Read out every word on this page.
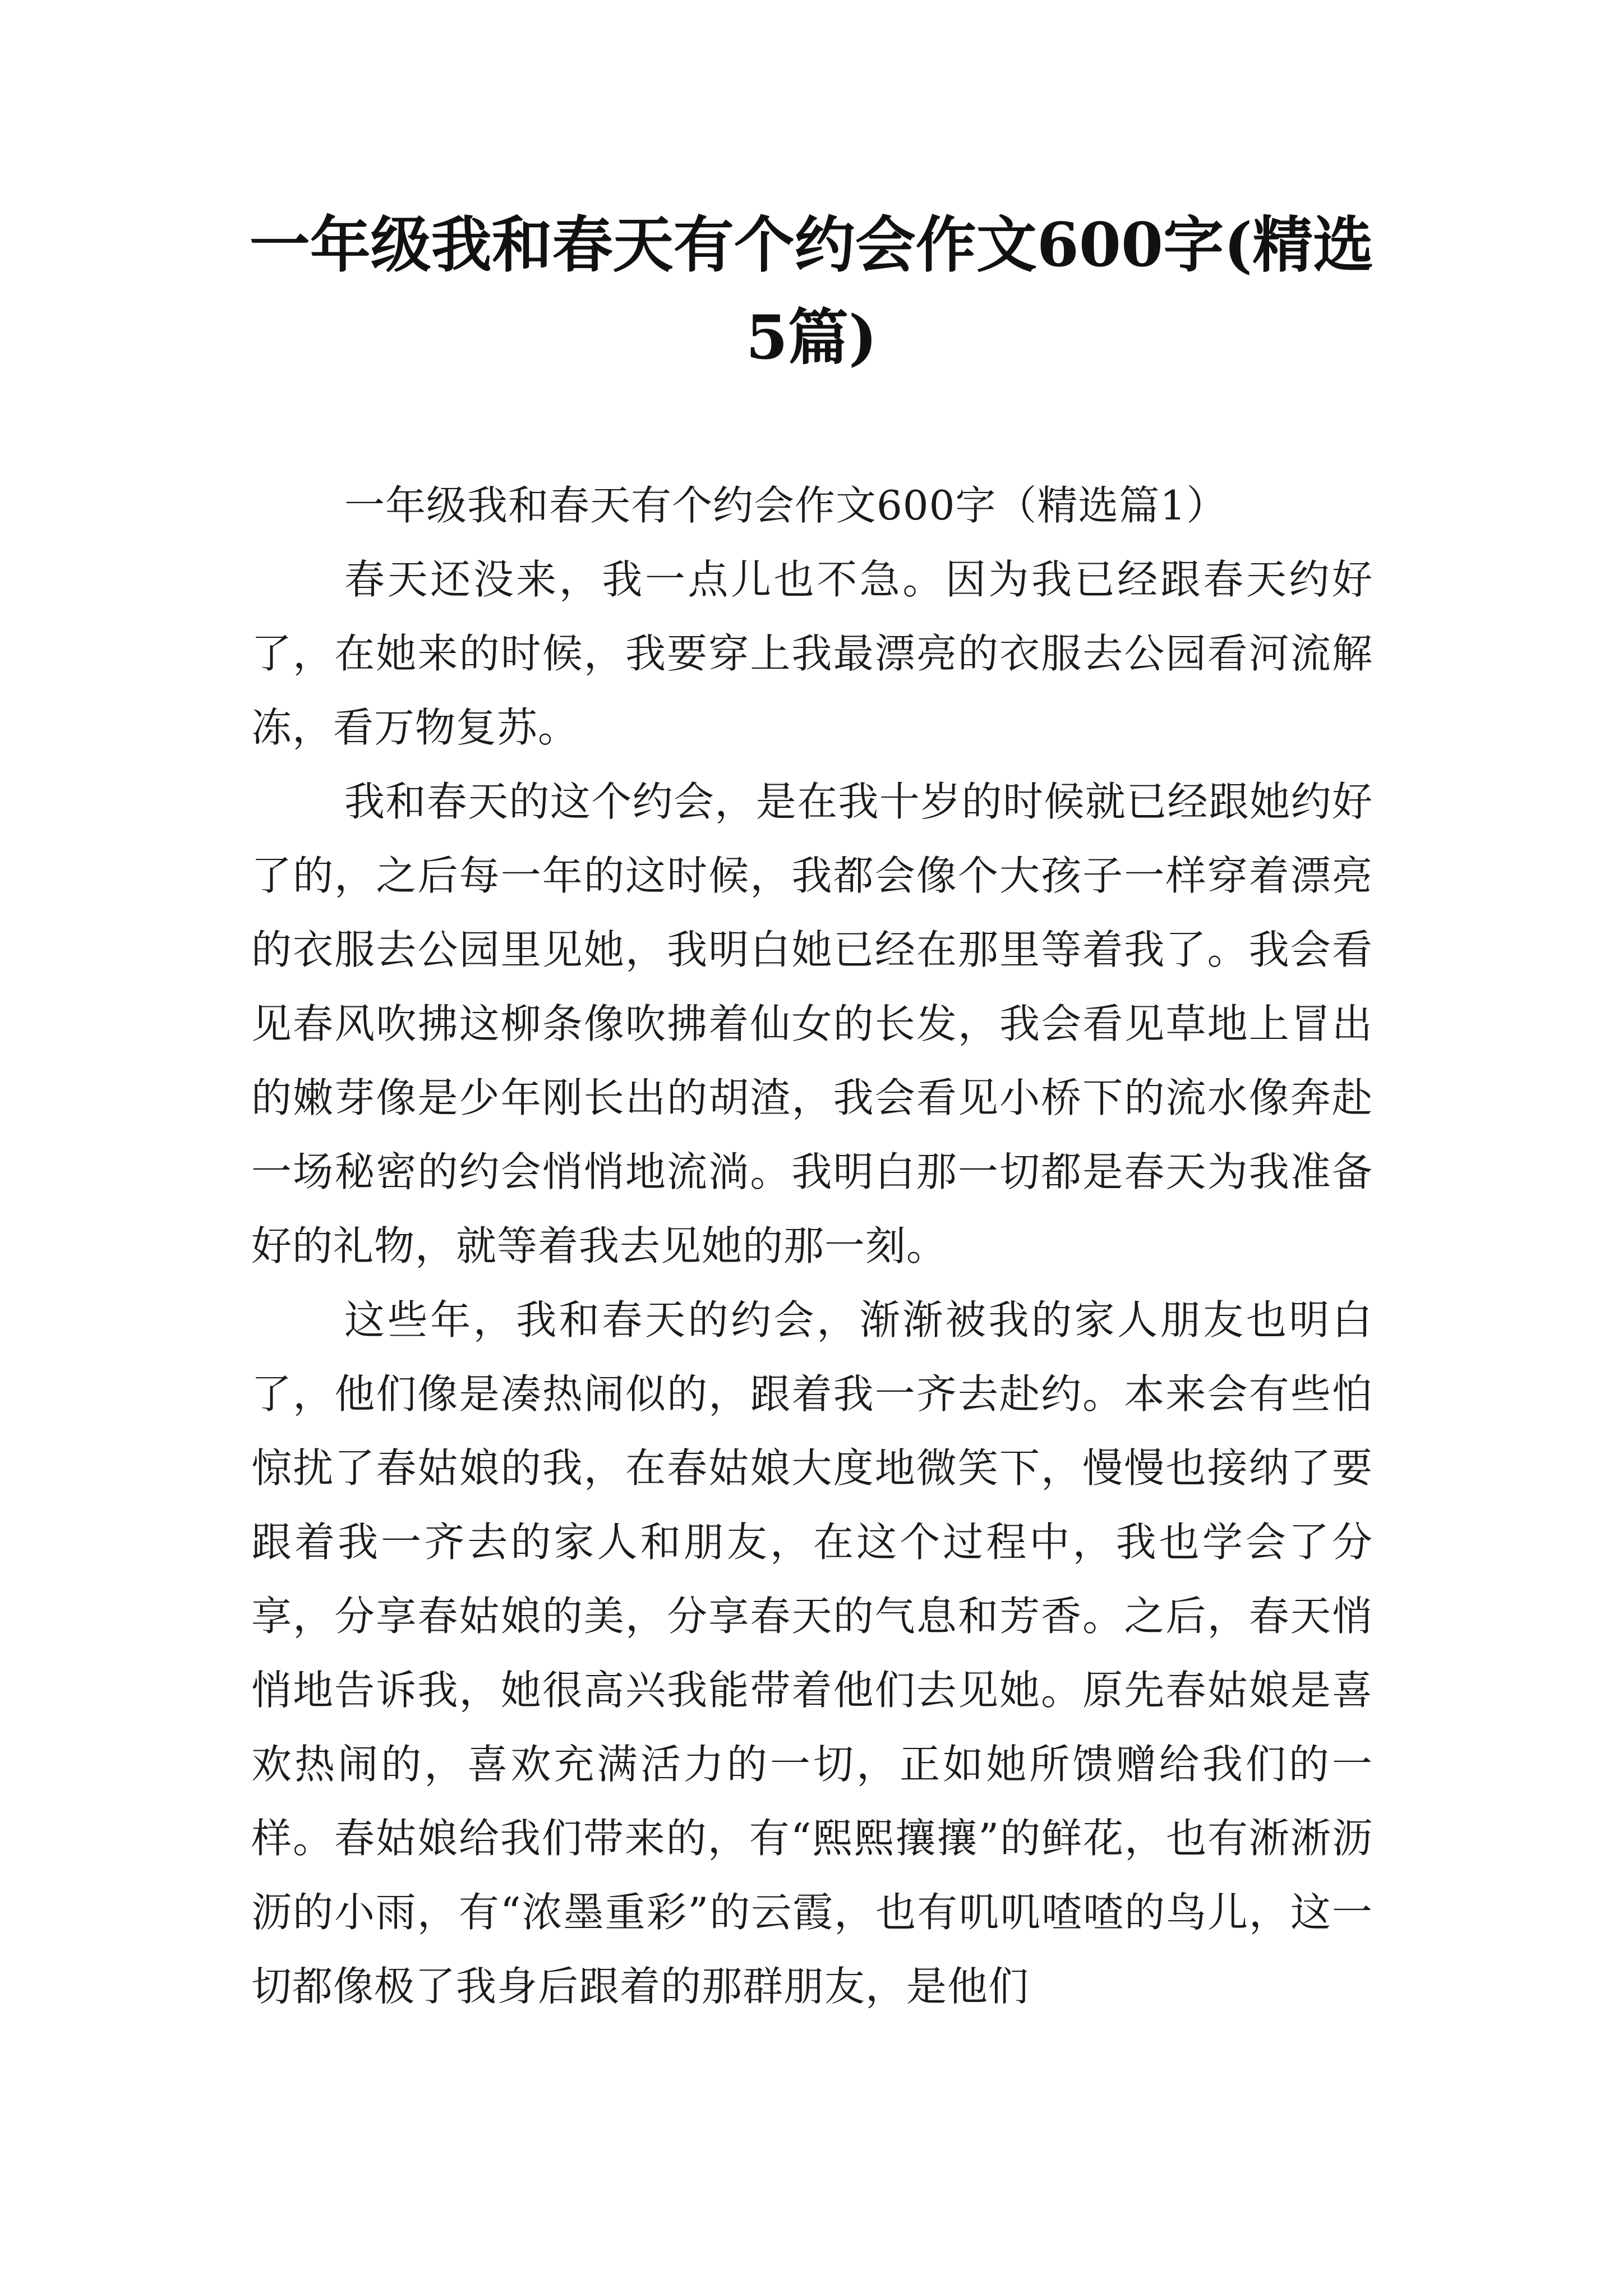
一年级我和春天有个约会作文600字(精选5篇)

一年级我和春天有个约会作文600字（精选篇1）

春天还没来，我一点儿也不急。因为我已经跟春天约好了，在她来的时候，我要穿上我最漂亮的衣服去公园看河流解冻，看万物复苏。

我和春天的这个约会，是在我十岁的时候就已经跟她约好了的，之后每一年的这时候，我都会像个大孩子一样穿着漂亮的衣服去公园里见她，我明白她已经在那里等着我了。我会看见春风吹拂这柳条像吹拂着仙女的长发，我会看见草地上冒出的嫩芽像是少年刚长出的胡渣，我会看见小桥下的流水像奔赴一场秘密的约会悄悄地流淌。我明白那一切都是春天为我准备好的礼物，就等着我去见她的那一刻。

这些年，我和春天的约会，渐渐被我的家人朋友也明白了，他们像是凑热闹似的，跟着我一齐去赴约。本来会有些怕惊扰了春姑娘的我，在春姑娘大度地微笑下，慢慢也接纳了要跟着我一齐去的家人和朋友，在这个过程中，我也学会了分享，分享春姑娘的美，分享春天的气息和芳香。之后，春天悄悄地告诉我，她很高兴我能带着他们去见她。原先春姑娘是喜欢热闹的，喜欢充满活力的一切，正如她所馈赠给我们的一样。春姑娘给我们带来的，有“熙熙攘攘”的鲜花，也有淅淅沥沥的小雨，有“浓墨重彩”的云霞，也有叽叽喳喳的鸟儿，这一切都像极了我身后跟着的那群朋友，是他们
